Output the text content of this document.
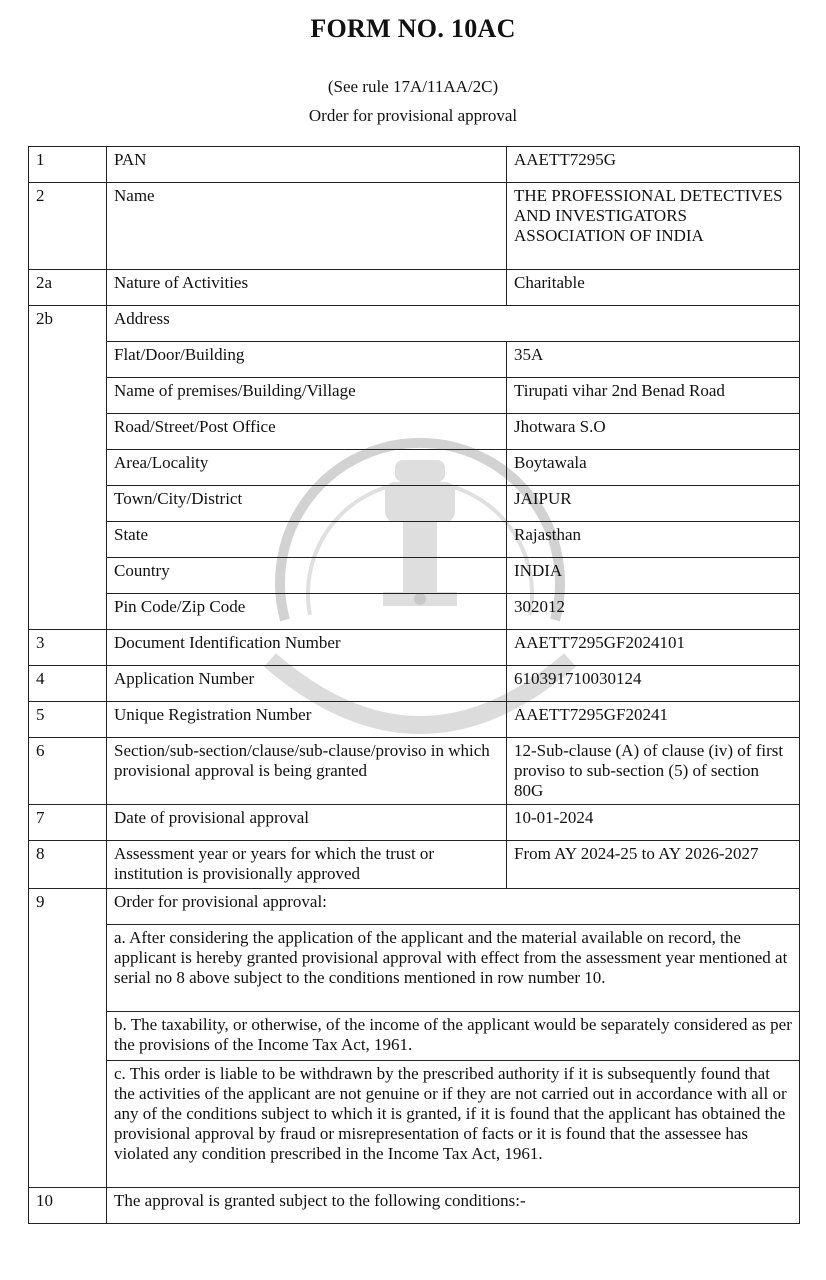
FORM NO. 10AC
(See rule 17A/11AA/2C)
Order for provisional approval
1	PAN	AAETT7295G
2	Name	THE PROFESSIONAL DETECTIVES AND INVESTIGATORS ASSOCIATION OF INDIA
2a	Nature of Activities	Charitable
2b	Address	
	Flat/Door/Building	35A
	Name of premises/Building/Village	Tirupati vihar 2nd Benad Road
	Road/Street/Post Office	Jhotwara S.O
	Area/Locality	Boytawala
	Town/City/District	JAIPUR
	State	Rajasthan
	Country	INDIA
	Pin Code/Zip Code	302012
3	Document Identification Number	AAETT7295GF2024101
4	Application Number	610391710030124
5	Unique Registration Number	AAETT7295GF20241
6	Section/sub-section/clause/sub-clause/proviso in which provisional approval is being granted	12-Sub-clause (A) of clause (iv) of first proviso to sub-section (5) of section 80G
7	Date of provisional approval	10-01-2024
8	Assessment year or years for which the trust or institution is provisionally approved	From AY 2024-25 to AY 2026-2027
9	Order for provisional approval:	
	a. After considering the application of the applicant and the material available on record, the applicant is hereby granted provisional approval with effect from the assessment year mentioned at serial no 8 above subject to the conditions mentioned in row number 10.	
	b. The taxability, or otherwise, of the income of the applicant would be separately considered as per the provisions of the Income Tax Act, 1961.	
	c. This order is liable to be withdrawn by the prescribed authority if it is subsequently found that the activities of the applicant are not genuine or if they are not carried out in accordance with all or any of the conditions subject to which it is granted, if it is found that the applicant has obtained the provisional approval by fraud or misrepresentation of facts or it is found that the assessee has violated any condition prescribed in the Income Tax Act, 1961.	
10	The approval is granted subject to the following conditions:-	
